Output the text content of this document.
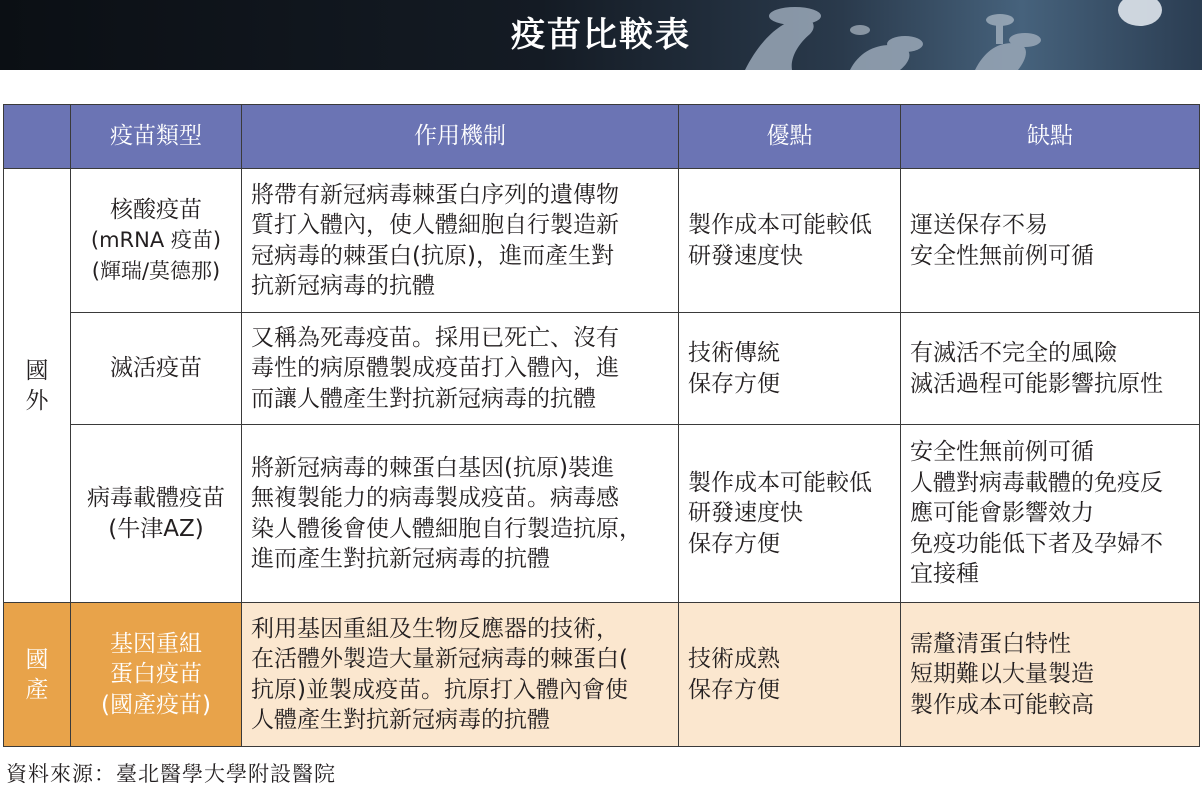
疫苗比較表
	疫苗類型	作用機制	優點	缺點

國
外	核酸疫苗
(mRNA 疫苗)
(輝瑞/莫德那)	將帶有新冠病毒棘蛋白序列的遺傳物
質打入體內，使人體細胞自行製造新
冠病毒的棘蛋白(抗原)，進而產生對
抗新冠病毒的抗體	製作成本可能較低
研發速度快	運送保存不易
安全性無前例可循

	滅活疫苗	又稱為死毒疫苗。採用已死亡、沒有
毒性的病原體製成疫苗打入體內，進
而讓人體產生對抗新冠病毒的抗體	技術傳統
保存方便	有滅活不完全的風險
滅活過程可能影響抗原性

	病毒載體疫苗
(牛津AZ)	將新冠病毒的棘蛋白基因(抗原)裝進
無複製能力的病毒製成疫苗。病毒感
染人體後會使人體細胞自行製造抗原，
進而產生對抗新冠病毒的抗體	製作成本可能較低
研發速度快
保存方便	安全性無前例可循
人體對病毒載體的免疫反
應可能會影響效力
免疫功能低下者及孕婦不
宜接種

國
產	基因重組
蛋白疫苗
(國產疫苗)	利用基因重組及生物反應器的技術，
在活體外製造大量新冠病毒的棘蛋白(
抗原)並製成疫苗。抗原打入體內會使
人體產生對抗新冠病毒的抗體	技術成熟
保存方便	需釐清蛋白特性
短期難以大量製造
製作成本可能較高
資料來源：臺北醫學大學附設醫院
